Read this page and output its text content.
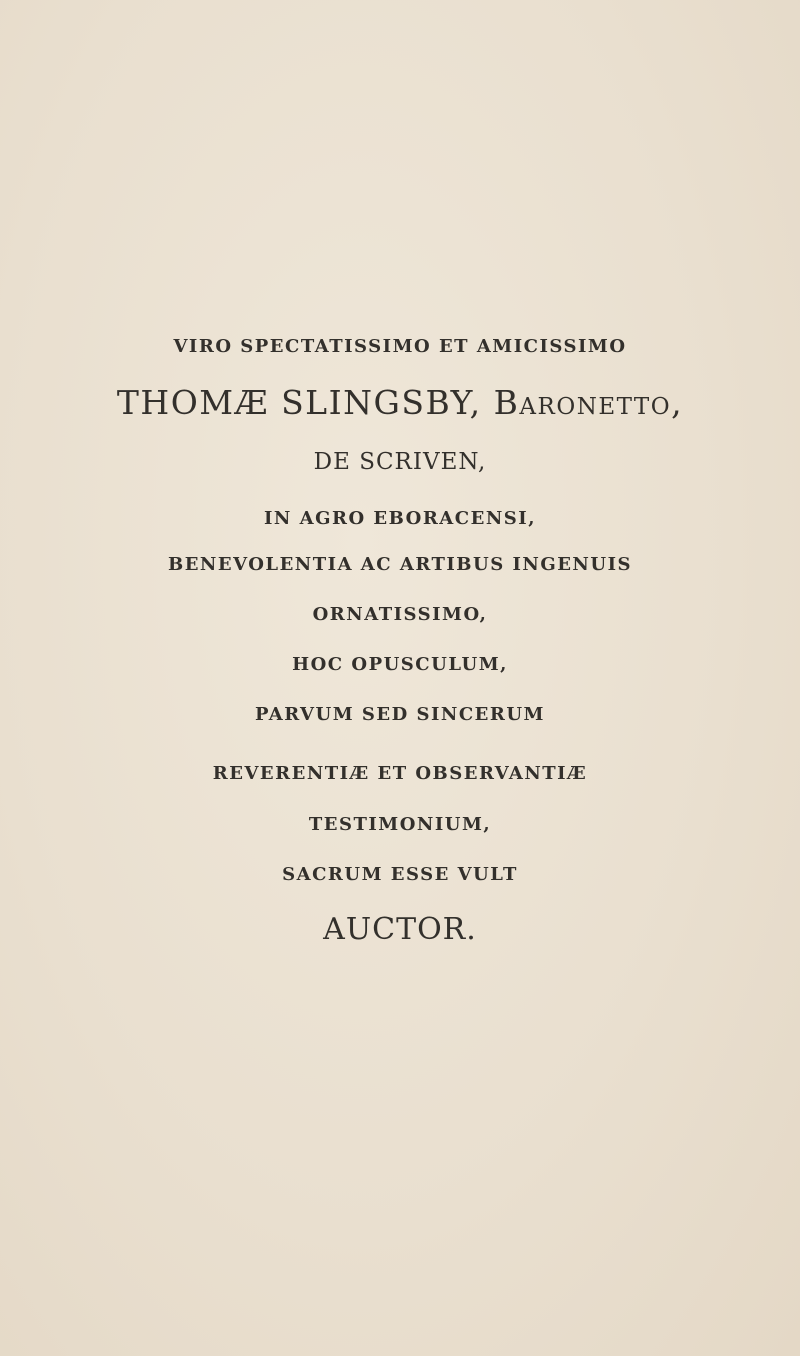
VIRO SPECTATISSIMO ET AMICISSIMO
THOMÆ SLINGSBY, Baronetto,
DE SCRIVEN,
IN AGRO EBORACENSI,
BENEVOLENTIA AC ARTIBUS INGENUIS
ORNATISSIMO,
HOC OPUSCULUM,
PARVUM SED SINCERUM
REVERENTIÆ ET OBSERVANTIÆ
TESTIMONIUM,
SACRUM ESSE VULT
AUCTOR.
